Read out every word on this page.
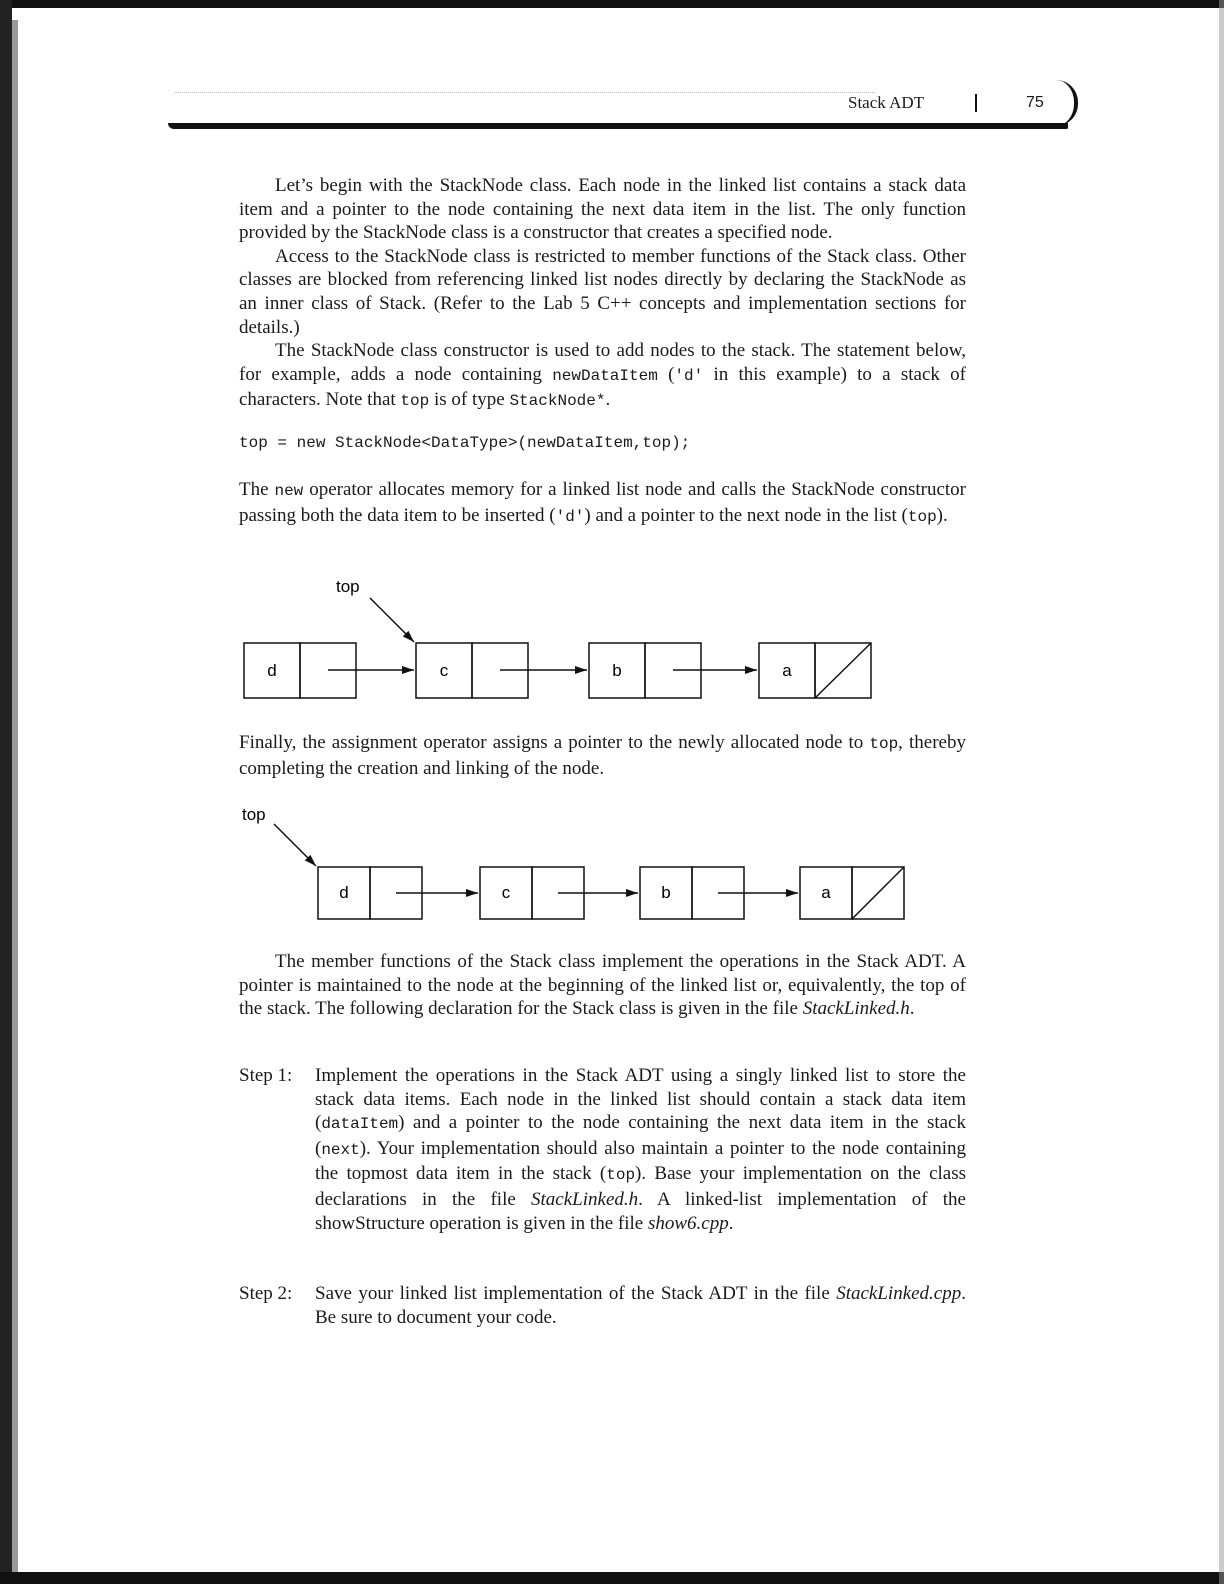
Stack ADT	75

Let’s begin with the StackNode class. Each node in the linked list contains a stack data item and a pointer to the node containing the next data item in the list. The only function provided by the StackNode class is a constructor that creates a specified node.

Access to the StackNode class is restricted to member functions of the Stack class. Other classes are blocked from referencing linked list nodes directly by declaring the StackNode as an inner class of Stack. (Refer to the Lab 5 C++ concepts and implementation sections for details.)

The StackNode class constructor is used to add nodes to the stack. The statement below, for example, adds a node containing newDataItem ('d' in this example) to a stack of characters. Note that top is of type StackNode*.

top = new StackNode<DataType>(newDataItem,top);

The new operator allocates memory for a linked list node and calls the StackNode constructor passing both the data item to be inserted ('d') and a pointer to the next node in the list (top).

top
d	c	b	a

Finally, the assignment operator assigns a pointer to the newly allocated node to top, thereby completing the creation and linking of the node.

top
d	c	b	a

The member functions of the Stack class implement the operations in the Stack ADT. A pointer is maintained to the node at the beginning of the linked list or, equivalently, the top of the stack. The following declaration for the Stack class is given in the file StackLinked.h.

Step 1: Implement the operations in the Stack ADT using a singly linked list to store the stack data items. Each node in the linked list should contain a stack data item (dataItem) and a pointer to the node containing the next data item in the stack (next). Your implementation should also maintain a pointer to the node containing the topmost data item in the stack (top). Base your implementation on the class declarations in the file StackLinked.h. A linked-list implementation of the showStructure operation is given in the file show6.cpp.

Step 2: Save your linked list implementation of the Stack ADT in the file StackLinked.cpp. Be sure to document your code.
